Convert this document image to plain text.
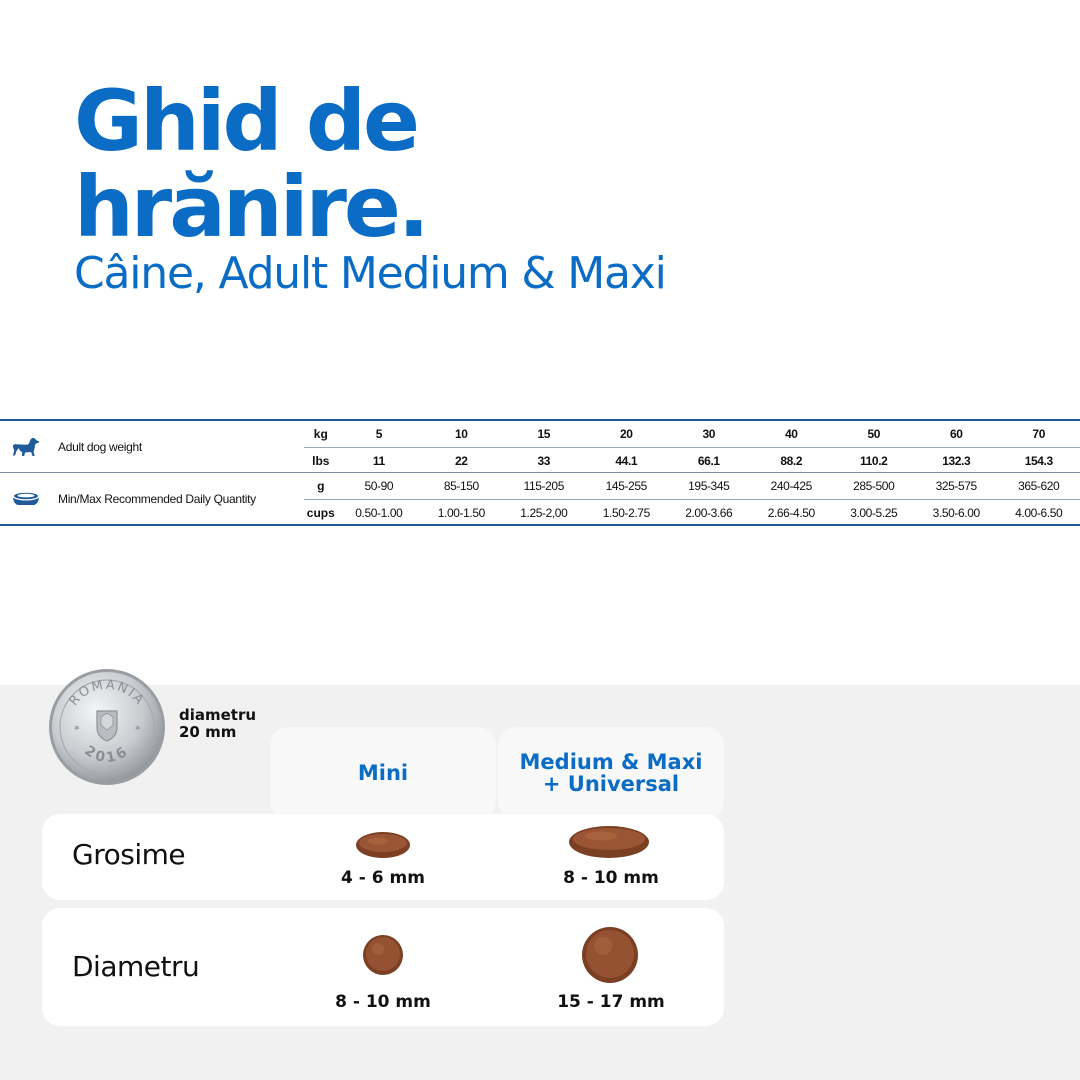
Ghid de
hrănire.
Câine, Adult Medium & Maxi
Adult dog weight
kg	5	10	15	20	30	40	50	60	70
lbs	11	22	33	44.1	66.1	88.2	110.2	132.3	154.3
Min/Max Recommended Daily Quantity
g	50-90	85-150	115-205	145-255	195-345	240-425	285-500	325-575	365-620
cups	0.50-1.00	1.00-1.50	1.25-2,00	1.50-2.75	2.00-3.66	2.66-4.50	3.00-5.25	3.50-6.00	4.00-6.50
ROMANIA
2016
✶	✶

diametru
20 mm

Mini	Medium & Maxi
+ Universal
Grosime
4 - 6 mm	8 - 10 mm
Diametru
8 - 10 mm	15 - 17 mm
